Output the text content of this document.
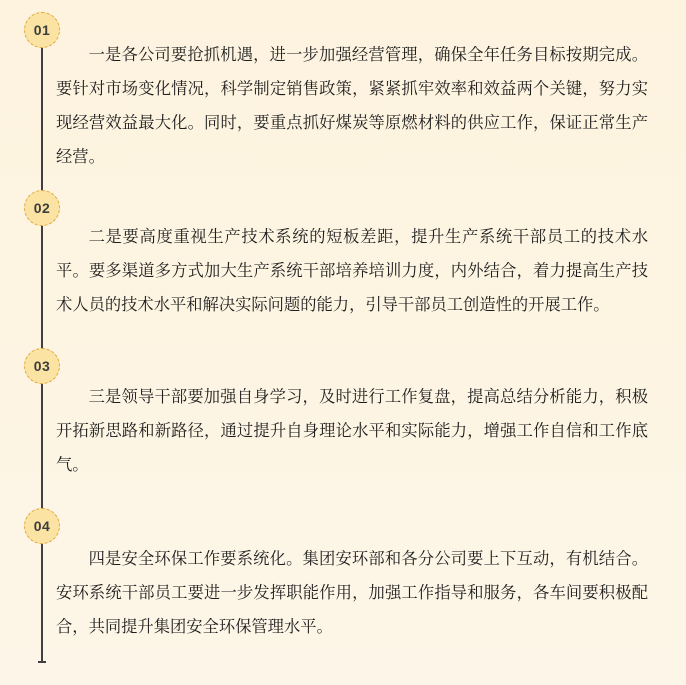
01

一是各公司要抢抓机遇，进一步加强经营管理，确保全年任务目标按期完成。要针对市场变化情况，科学制定销售政策，紧紧抓牢效率和效益两个关键，努力实现经营效益最大化。同时，要重点抓好煤炭等原燃材料的供应工作，保证正常生产经营。

02

二是要高度重视生产技术系统的短板差距，提升生产系统干部员工的技术水平。要多渠道多方式加大生产系统干部培养培训力度，内外结合，着力提高生产技术人员的技术水平和解决实际问题的能力，引导干部员工创造性的开展工作。

03

三是领导干部要加强自身学习，及时进行工作复盘，提高总结分析能力，积极开拓新思路和新路径，通过提升自身理论水平和实际能力，增强工作自信和工作底气。

04

四是安全环保工作要系统化。集团安环部和各分公司要上下互动，有机结合。安环系统干部员工要进一步发挥职能作用，加强工作指导和服务，各车间要积极配合，共同提升集团安全环保管理水平。
